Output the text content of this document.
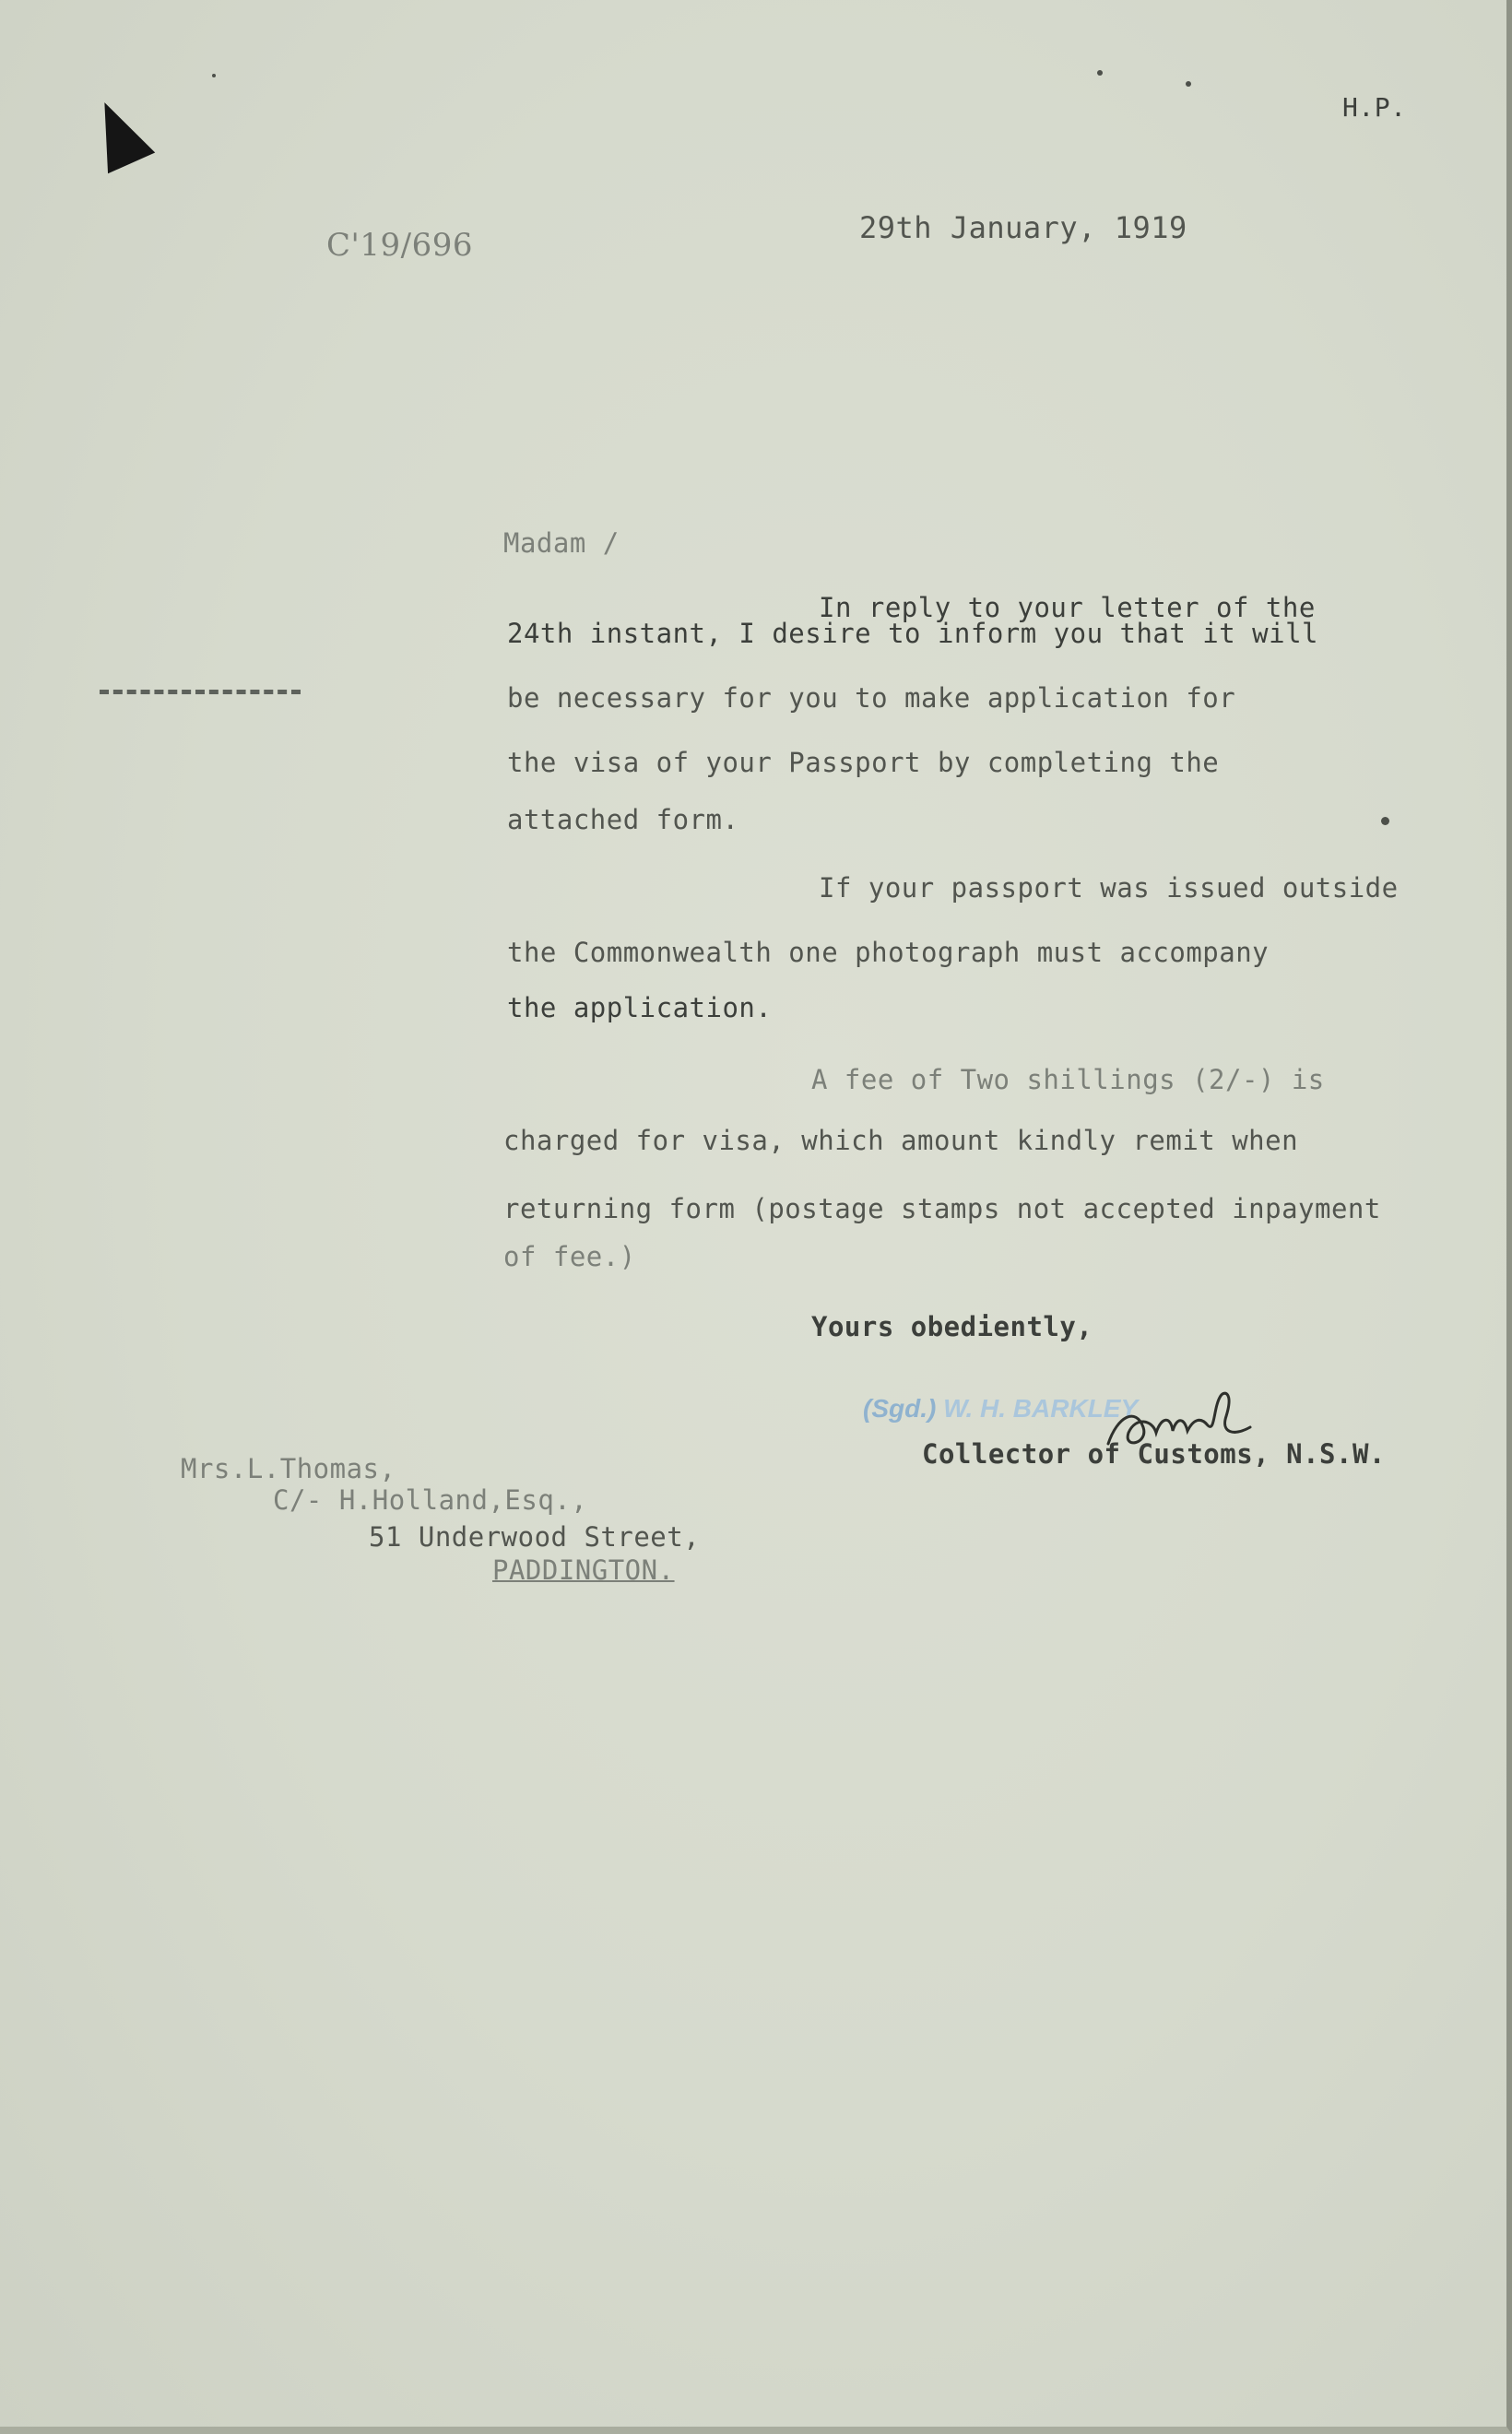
H.P.
C'19/696	29th January, 1919
Madam /
In reply to your letter of the
24th instant, I desire to inform you that it will
be necessary for you to make application for
the visa of your Passport by completing the
attached form.
If your passport was issued outside
the Commonwealth one photograph must accompany
the application.
A fee of Two shillings (2/-) is
charged for visa, which amount kindly remit when
returning form (postage stamps not accepted inpayment
of fee.)
Yours obediently,
(Sgd.) W. H. BARKLEY
Collector of Customs, N.S.W.
Mrs.L.Thomas,
C/- H.Holland,Esq.,
51 Underwood Street,
PADDINGTON.
